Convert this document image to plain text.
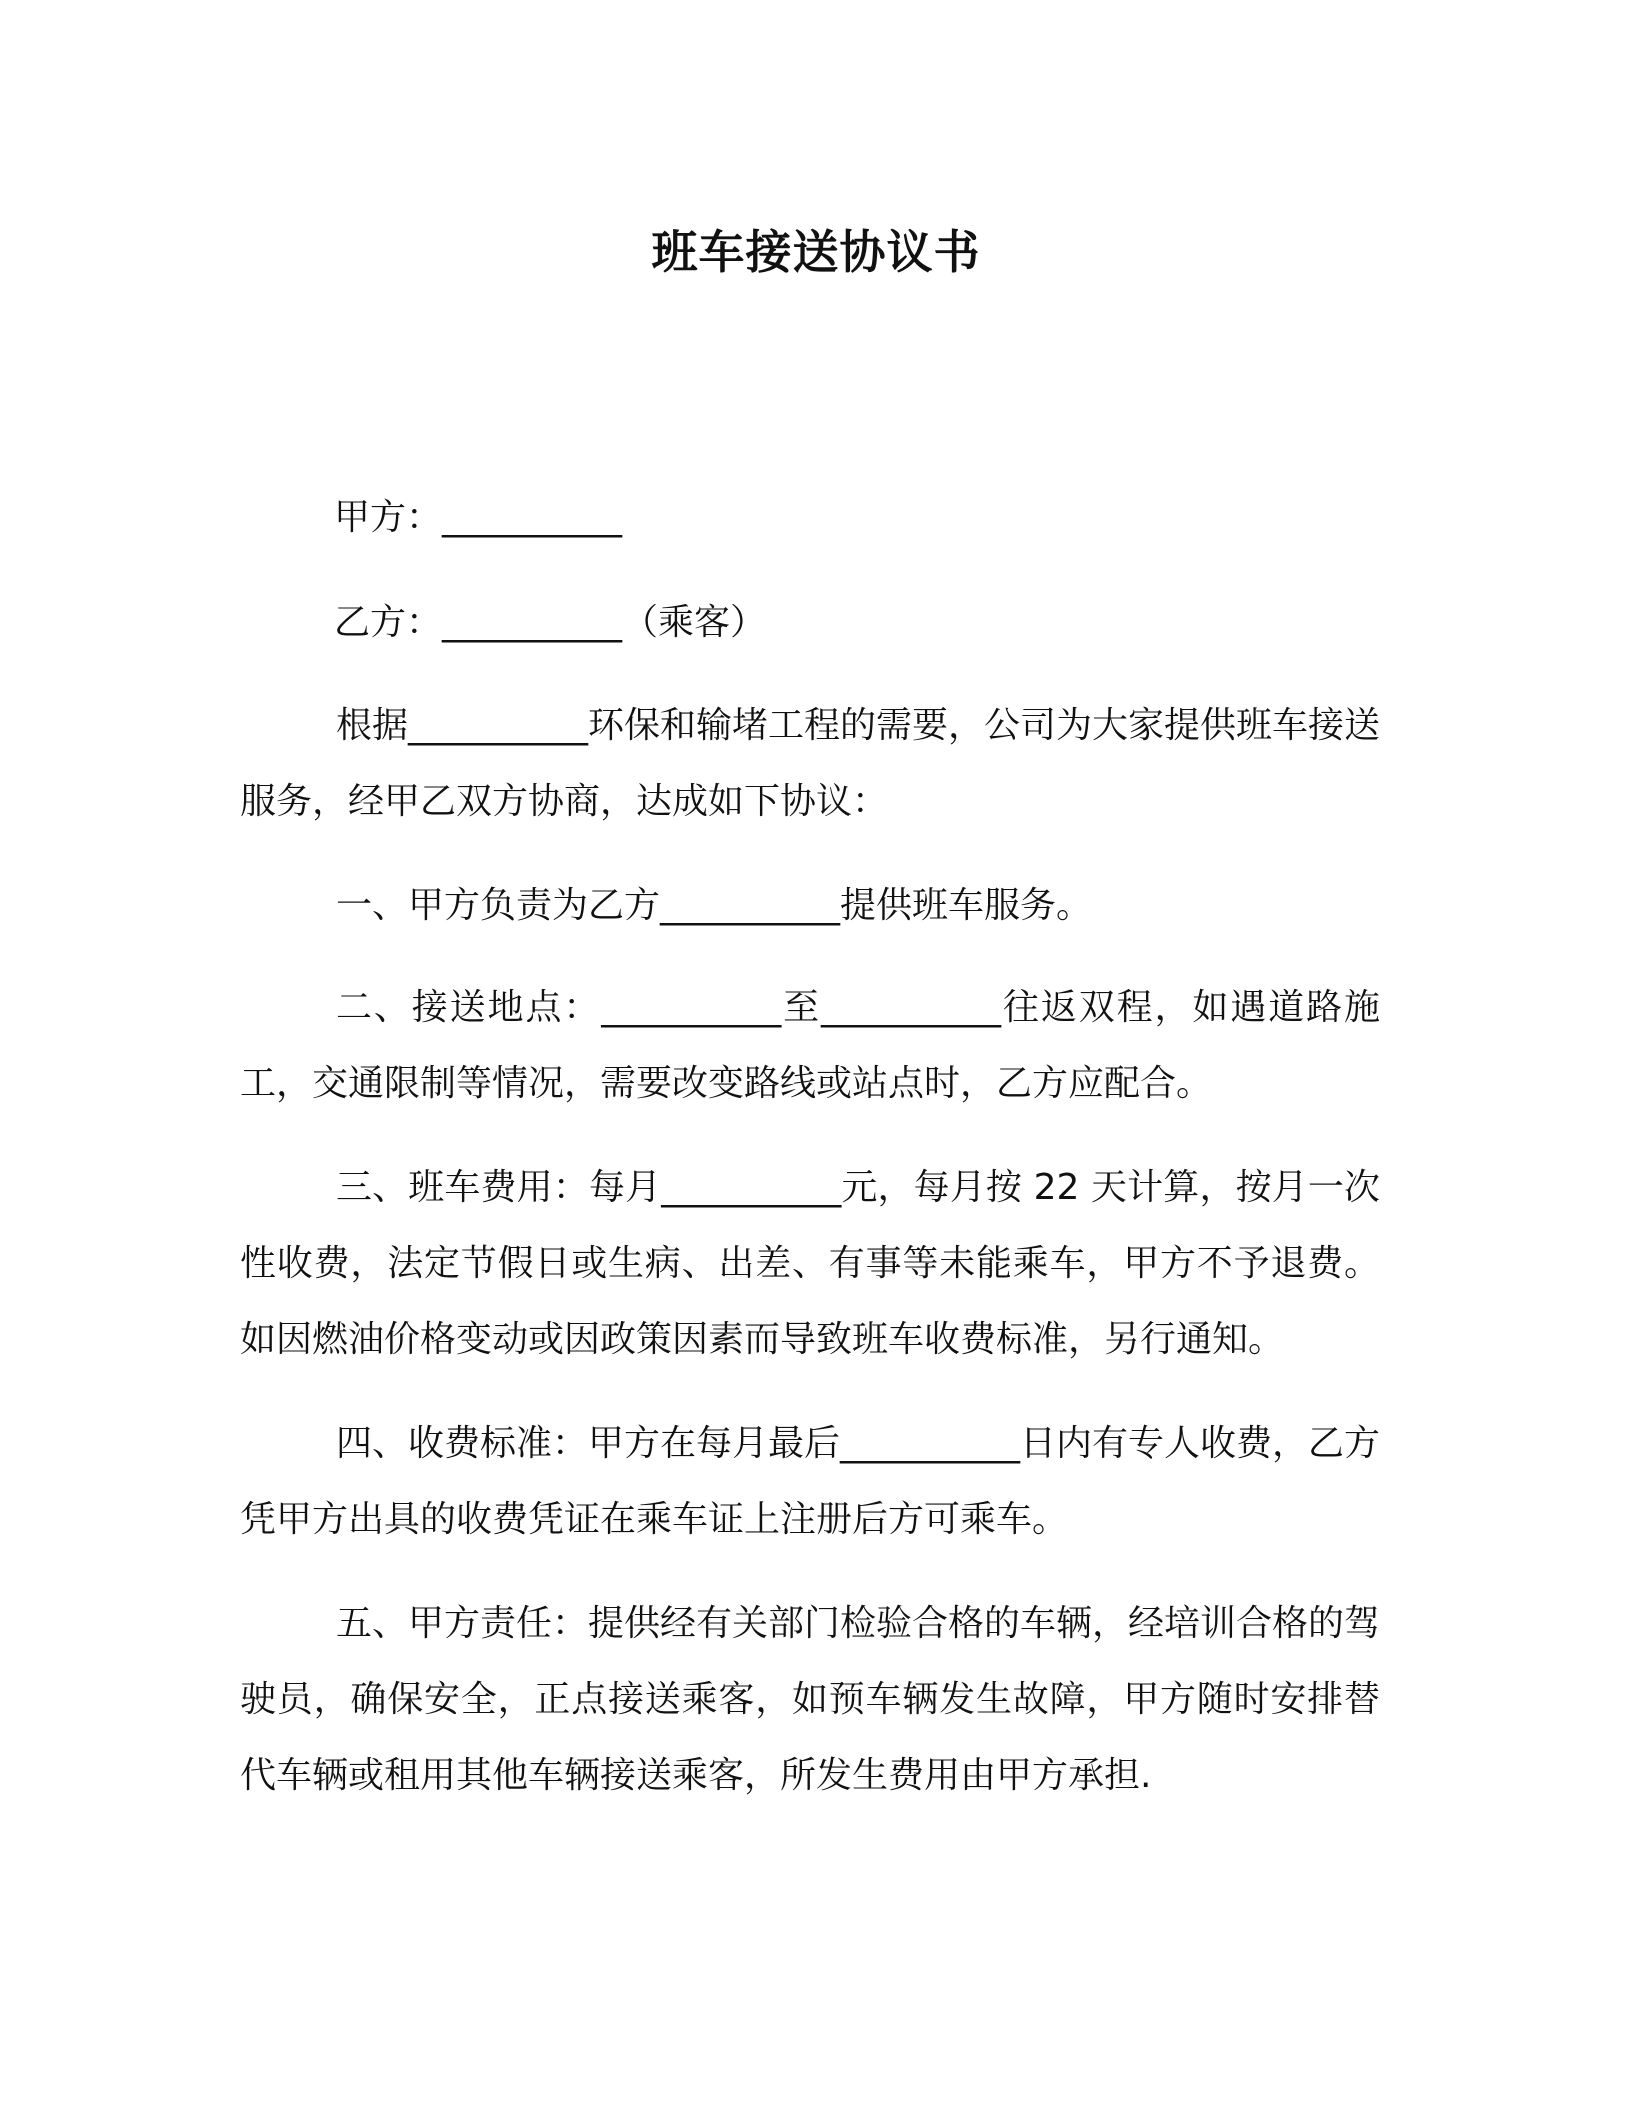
班车接送协议书
甲方：__________
乙方：__________（乘客）
根据__________环保和输堵工程的需要，公司为大家提供班车接送服务，经甲乙双方协商，达成如下协议：
一、甲方负责为乙方__________提供班车服务。
二、接送地点：__________至__________往返双程，如遇道路施工，交通限制等情况，需要改变路线或站点时，乙方应配合。
三、班车费用：每月__________元，每月按 22 天计算，按月一次性收费，法定节假日或生病、出差、有事等未能乘车，甲方不予退费。如因燃油价格变动或因政策因素而导致班车收费标准，另行通知。
四、收费标准：甲方在每月最后__________日内有专人收费，乙方凭甲方出具的收费凭证在乘车证上注册后方可乘车。
五、甲方责任：提供经有关部门检验合格的车辆，经培训合格的驾驶员，确保安全，正点接送乘客，如预车辆发生故障，甲方随时安排替代车辆或租用其他车辆接送乘客，所发生费用由甲方承担.
